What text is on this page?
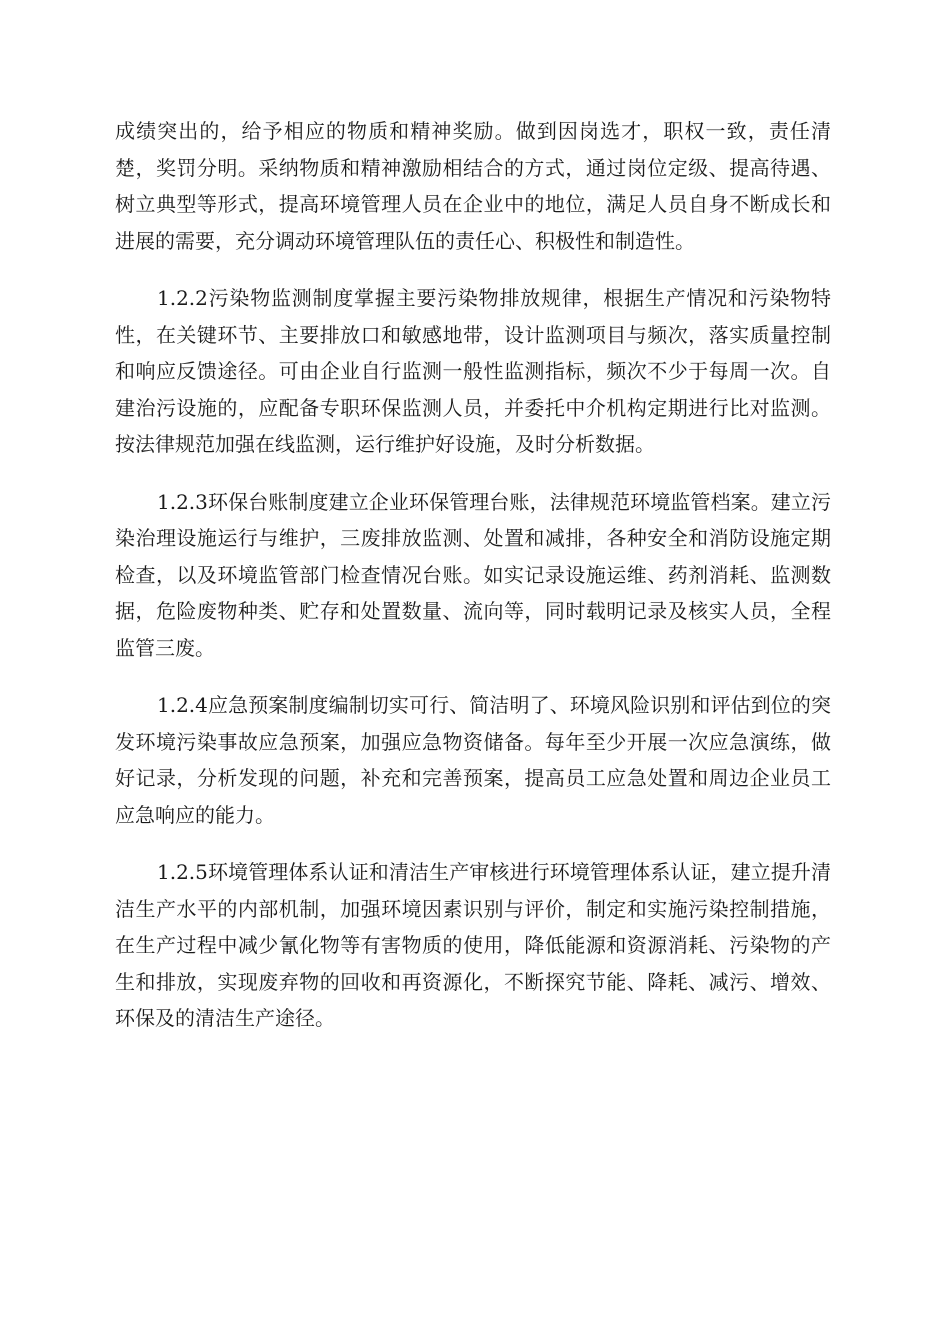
成绩突出的，给予相应的物质和精神奖励。做到因岗选才，职权一致，责任清楚，奖罚分明。采纳物质和精神激励相结合的方式，通过岗位定级、提高待遇、树立典型等形式，提高环境管理人员在企业中的地位，满足人员自身不断成长和进展的需要，充分调动环境管理队伍的责任心、积极性和制造性。

1.2.2污染物监测制度掌握主要污染物排放规律，根据生产情况和污染物特性，在关键环节、主要排放口和敏感地带，设计监测项目与频次，落实质量控制和响应反馈途径。可由企业自行监测一般性监测指标，频次不少于每周一次。自建治污设施的，应配备专职环保监测人员，并委托中介机构定期进行比对监测。按法律规范加强在线监测，运行维护好设施，及时分析数据。

1.2.3环保台账制度建立企业环保管理台账，法律规范环境监管档案。建立污染治理设施运行与维护，三废排放监测、处置和减排，各种安全和消防设施定期检查，以及环境监管部门检查情况台账。如实记录设施运维、药剂消耗、监测数据，危险废物种类、贮存和处置数量、流向等，同时载明记录及核实人员，全程监管三废。

1.2.4应急预案制度编制切实可行、简洁明了、环境风险识别和评估到位的突发环境污染事故应急预案，加强应急物资储备。每年至少开展一次应急演练，做好记录，分析发现的问题，补充和完善预案，提高员工应急处置和周边企业员工应急响应的能力。

1.2.5环境管理体系认证和清洁生产审核进行环境管理体系认证，建立提升清洁生产水平的内部机制，加强环境因素识别与评价，制定和实施污染控制措施，在生产过程中减少氰化物等有害物质的使用，降低能源和资源消耗、污染物的产生和排放，实现废弃物的回收和再资源化，不断探究节能、降耗、减污、增效、环保及的清洁生产途径。
